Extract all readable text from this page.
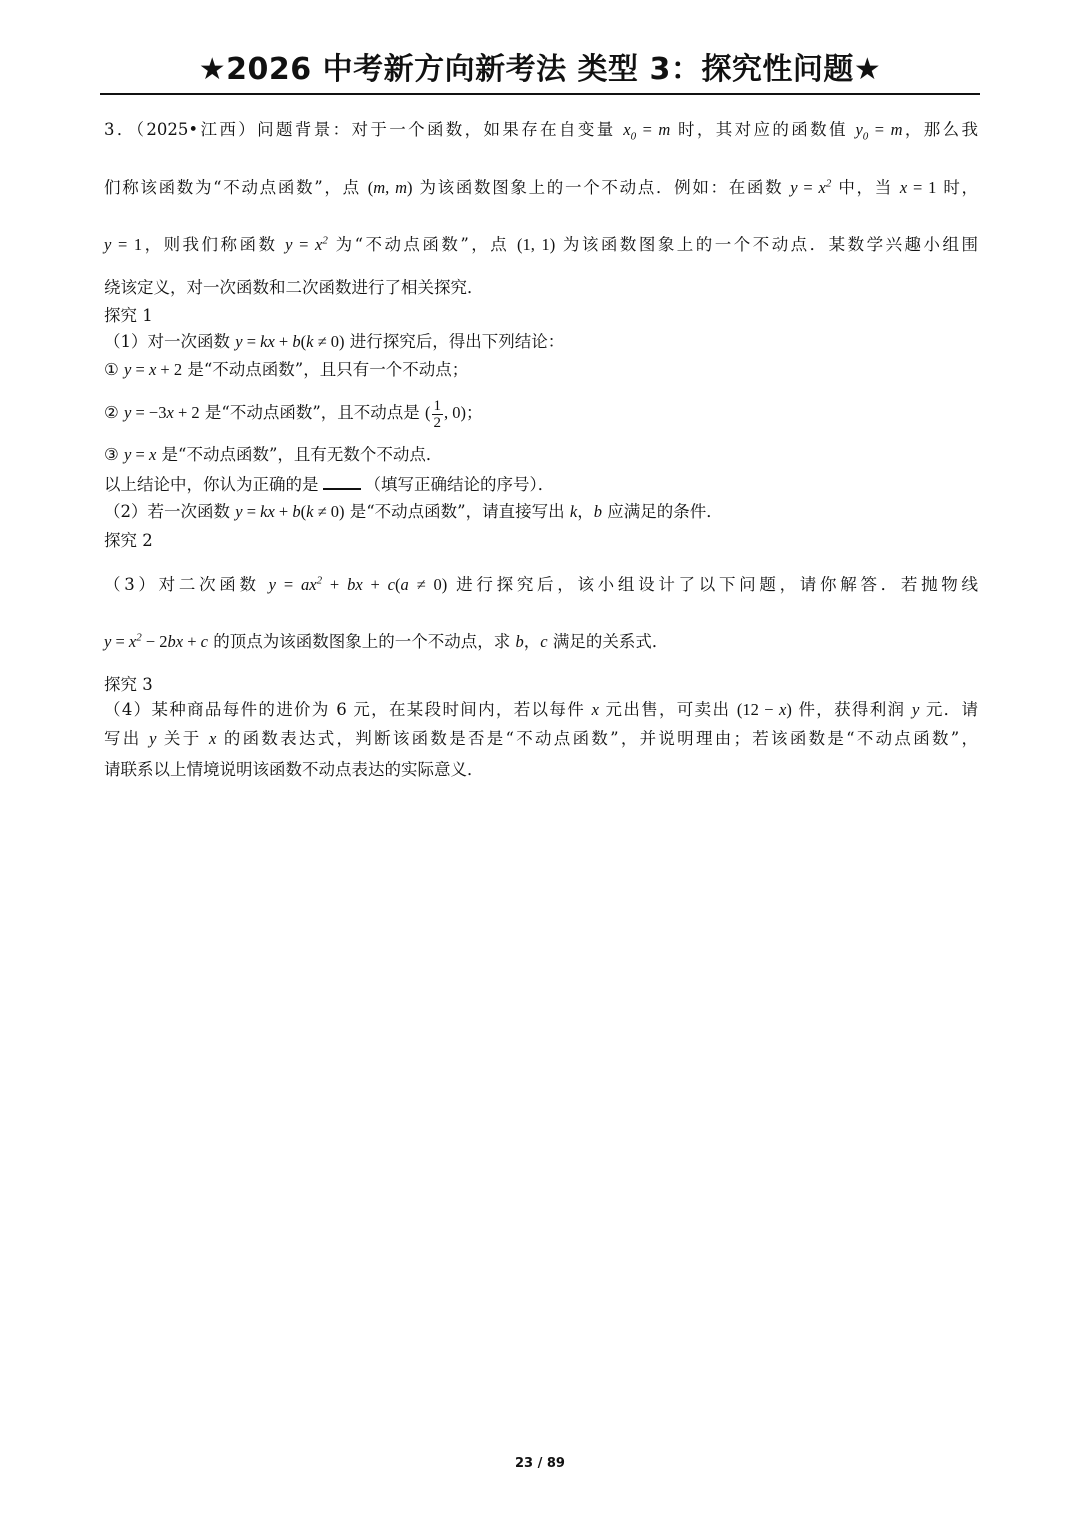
★2026 中考新方向新考法 类型 3：探究性问题★
3．（2025•江西）问题背景：对于一个函数，如果存在自变量 $x_0 = m$ 时，其对应的函数值 $y_0 = m$，那么我
们称该函数为“不动点函数”，点 (m, m) 为该函数图象上的一个不动点．例如：在函数 $y = x^2$ 中，当 x = 1 时，
y = 1，则我们称函数 $y = x^2$ 为“不动点函数”，点 (1, 1) 为该函数图象上的一个不动点．某数学兴趣小组围
绕该定义，对一次函数和二次函数进行了相关探究．
探究 1
（1）对一次函数 y = kx + b(k ≠ 0) 进行探究后，得出下列结论：
① y = x + 2 是“不动点函数”，且只有一个不动点；
② y = −3x + 2 是“不动点函数”，且不动点是 ( $\frac{1}{2}$ , 0)；
③ y = x 是“不动点函数”，且有无数个不动点．
以上结论中，你认为正确的是	（填写正确结论的序号）．
（2）若一次函数 y = kx + b(k ≠ 0) 是“不动点函数”，请直接写出 k，b 应满足的条件．
探究 2
（3）对二次函数 $y = ax^2$ + bx + c(a ≠ 0) 进行探究后，该小组设计了以下问题，请你解答．若抛物线
$y = x^2 - 2bx + c$ 的顶点为该函数图象上的一个不动点，求 b，c 满足的关系式．
探究 3
（4）某种商品每件的进价为 6 元，在某段时间内，若以每件 x 元出售，可卖出 (12 − x) 件，获得利润 y 元．请
写出 y 关于 x 的函数表达式，判断该函数是否是“不动点函数”，并说明理由；若该函数是“不动点函数”，
请联系以上情境说明该函数不动点表达的实际意义．
23 / 89
